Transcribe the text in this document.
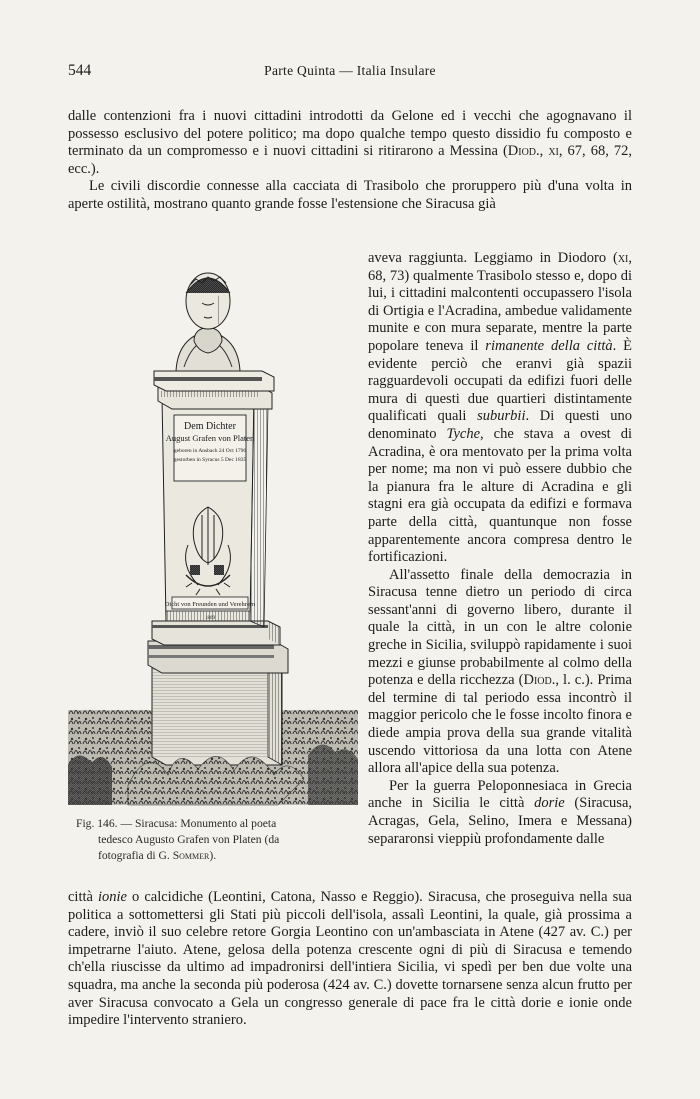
544	Parte Quinta — Italia Insulare

dalle contenzioni fra i nuovi cittadini introdotti da Gelone ed i vecchi che agognavano il possesso esclusivo del potere politico; ma dopo qualche tempo questo dissidio fu composto e terminato da un compromesso e i nuovi cittadini si ritirarono a Messina (Diod., xi, 67, 68, 72, ecc.).

Le civili discordie connesse alla cacciata di Trasibolo che proruppero più d'una volta in aperte ostilità, mostrano quanto grande fosse l'estensione che Siracusa già

Dem Dichter
August Grafen von Platen
geboren in Ansbach 24 Oct 1796
gestorben in Syracus 5 Dec 1835
Dicht von Freunden und Verehrern
1869
Fig. 146. — Siracusa: Monumento al poeta
tedesco Augusto Grafen von Platen (da
fotografia di G. Sommer).

aveva raggiunta. Leggiamo in Diodoro (xi, 68, 73) qualmente Trasibolo stesso e, dopo di lui, i cittadini malcontenti occupassero l'isola di Ortigia e l'Acradina, ambedue validamente munite e con mura separate, mentre la parte popolare teneva il rimanente della città. È evidente perciò che eranvi già spazii ragguardevoli occupati da edifizi fuori delle mura di questi due quartieri distintamente qualificati quali suburbii. Di questi uno denominato Tyche, che stava a ovest di Acradina, è ora mentovato per la prima volta per nome; ma non vi può essere dubbio che la pianura fra le alture di Acradina e gli stagni era già occupata da edifizi e formava parte della città, quantunque non fosse apparentemente ancora compresa dentro le fortificazioni.

All'assetto finale della democrazia in Siracusa tenne dietro un periodo di circa sessant'anni di governo libero, durante il quale la città, in un con le altre colonie greche in Sicilia, sviluppò rapidamente i suoi mezzi e giunse probabilmente al colmo della potenza e della ricchezza (Diod., l. c.). Prima del termine di tal periodo essa incontrò il maggior pericolo che le fosse incolto finora e diede ampia prova della sua grande vitalità uscendo vittoriosa da una lotta con Atene allora all'apice della sua potenza.

Per la guerra Peloponnesiaca in Grecia anche in Sicilia le città dorie (Siracusa, Acragas, Gela, Selino, Imera e Messana) separaronsi vieppiù profondamente dalle

città ionie o calcidiche (Leontini, Catona, Nasso e Reggio). Siracusa, che proseguiva nella sua politica a sottomettersi gli Stati più piccoli dell'isola, assalì Leontini, la quale, già prossima a cadere, inviò il suo celebre retore Gorgia Leontino con un'ambasciata in Atene (427 av. C.) per impetrarne l'aiuto. Atene, gelosa della potenza crescente ogni di più di Siracusa e temendo ch'ella riuscisse da ultimo ad impadronirsi dell'intiera Sicilia, vi spedì per ben due volte una squadra, ma anche la seconda più poderosa (424 av. C.) dovette tornarsene senza alcun frutto per aver Siracusa convocato a Gela un congresso generale di pace fra le città dorie e ionie onde impedire l'intervento straniero.
